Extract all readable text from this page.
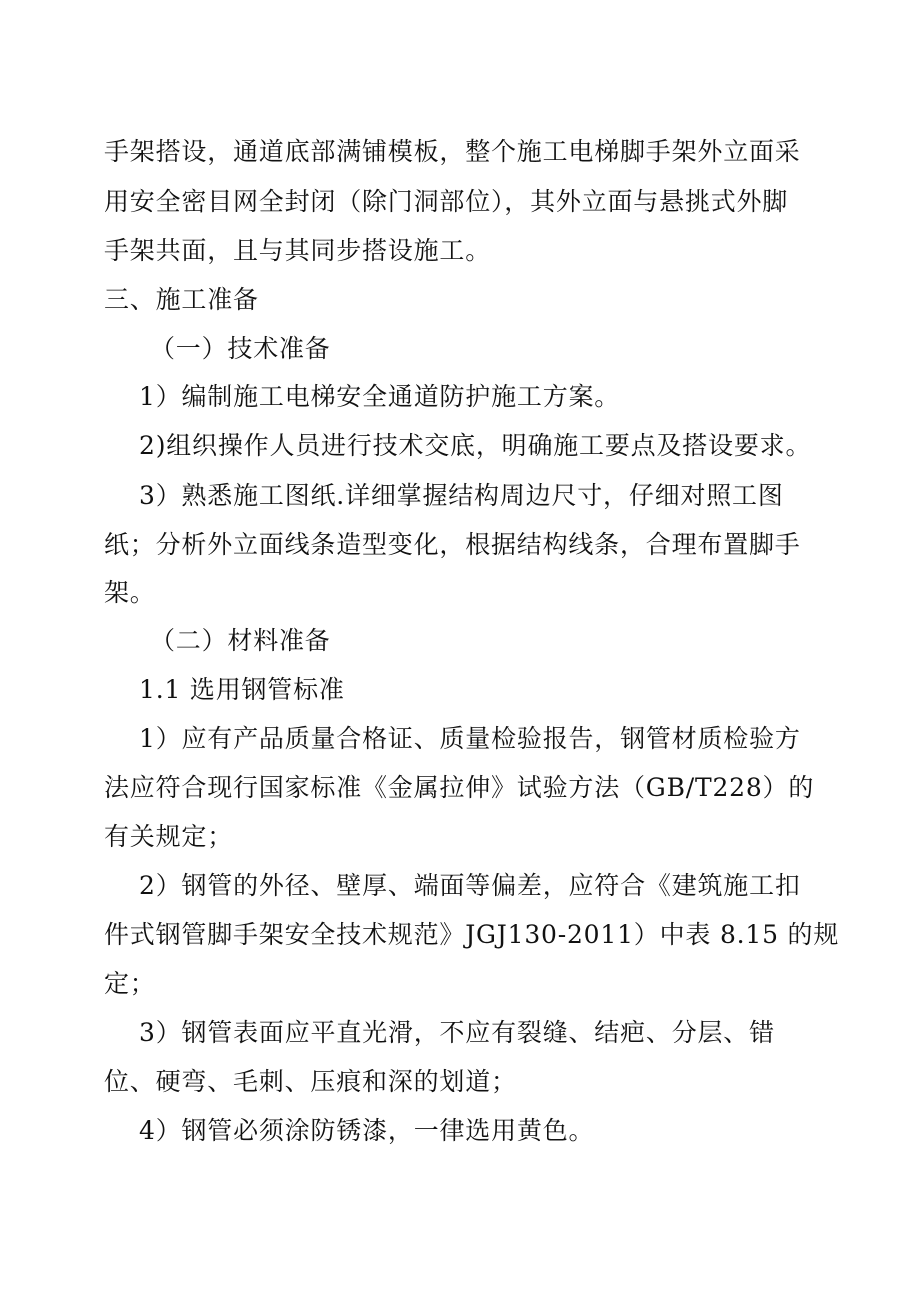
手架搭设，通道底部满铺模板，整个施工电梯脚手架外立面采
用安全密目网全封闭（除门洞部位），其外立面与悬挑式外脚
手架共面，且与其同步搭设施工。
三、施工准备
（一）技术准备
1）编制施工电梯安全通道防护施工方案。
2)组织操作人员进行技术交底，明确施工要点及搭设要求。
3）熟悉施工图纸.详细掌握结构周边尺寸，仔细对照工图
纸；分析外立面线条造型变化，根据结构线条，合理布置脚手
架。
（二）材料准备
1.1 选用钢管标准
1）应有产品质量合格证、质量检验报告，钢管材质检验方
法应符合现行国家标准《金属拉伸》试验方法（GB/T228）的
有关规定；
2）钢管的外径、壁厚、端面等偏差，应符合《建筑施工扣
件式钢管脚手架安全技术规范》JGJ130-2011）中表 8.15 的规
定；
3）钢管表面应平直光滑，不应有裂缝、结疤、分层、错
位、硬弯、毛刺、压痕和深的划道；
4）钢管必须涂防锈漆，一律选用黄色。
